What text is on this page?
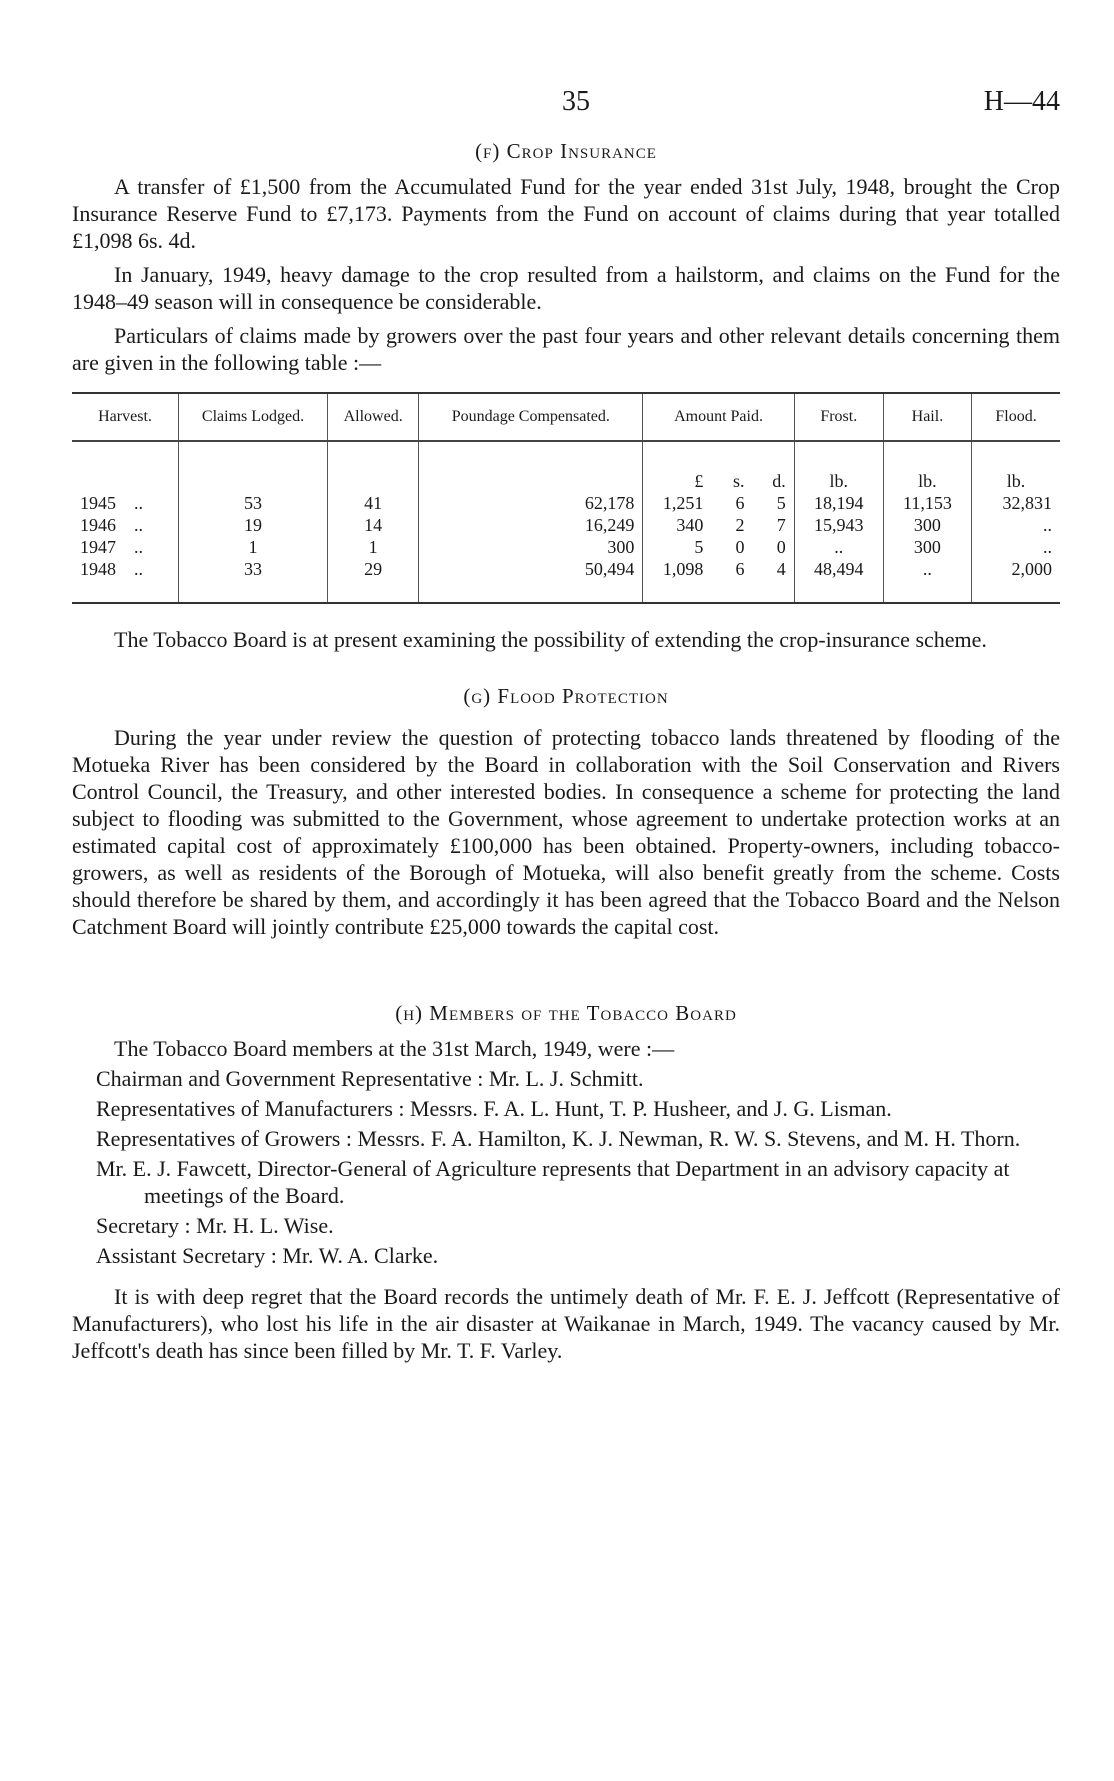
35	H—44
(f) Crop Insurance

A transfer of £1,500 from the Accumulated Fund for the year ended 31st July, 1948, brought the Crop Insurance Reserve Fund to £7,173. Payments from the Fund on account of claims during that year totalled £1,098 6s. 4d.

In January, 1949, heavy damage to the crop resulted from a hailstorm, and claims on the Fund for the 1948–49 season will in consequence be considerable.

Particulars of claims made by growers over the past four years and other relevant details concerning them are given in the following table :—

Harvest.	Claims Lodged.	Allowed.	Poundage Compensated.	Amount Paid.	Frost.	Hail.	Flood.

				£ s. d.	lb.	lb.	lb.
1945 ..	53	41	62,178	1,251 6 5	18,194	11,153	32,831
1946 ..	19	14	16,249	340 2 7	15,943	300	..
1947 ..	1	1	300	5 0 0	..	300	..
1948 ..	33	29	50,494	1,098 6 4	48,494	..	2,000

The Tobacco Board is at present examining the possibility of extending the crop-insurance scheme.

(g) Flood Protection

During the year under review the question of protecting tobacco lands threatened by flooding of the Motueka River has been considered by the Board in collaboration with the Soil Conservation and Rivers Control Council, the Treasury, and other interested bodies. In consequence a scheme for protecting the land subject to flooding was submitted to the Government, whose agreement to undertake protection works at an estimated capital cost of approximately £100,000 has been obtained. Property-owners, including tobacco-growers, as well as residents of the Borough of Motueka, will also benefit greatly from the scheme. Costs should therefore be shared by them, and accordingly it has been agreed that the Tobacco Board and the Nelson Catchment Board will jointly contribute £25,000 towards the capital cost.

(h) Members of the Tobacco Board

The Tobacco Board members at the 31st March, 1949, were :—

Chairman and Government Representative : Mr. L. J. Schmitt.
Representatives of Manufacturers : Messrs. F. A. L. Hunt, T. P. Husheer, and J. G. Lisman.
Representatives of Growers : Messrs. F. A. Hamilton, K. J. Newman, R. W. S. Stevens, and M. H. Thorn.
Mr. E. J. Fawcett, Director-General of Agriculture represents that Department in an advisory capacity at meetings of the Board.
Secretary : Mr. H. L. Wise.
Assistant Secretary : Mr. W. A. Clarke.

It is with deep regret that the Board records the untimely death of Mr. F. E. J. Jeffcott (Representative of Manufacturers), who lost his life in the air disaster at Waikanae in March, 1949. The vacancy caused by Mr. Jeffcott's death has since been filled by Mr. T. F. Varley.
